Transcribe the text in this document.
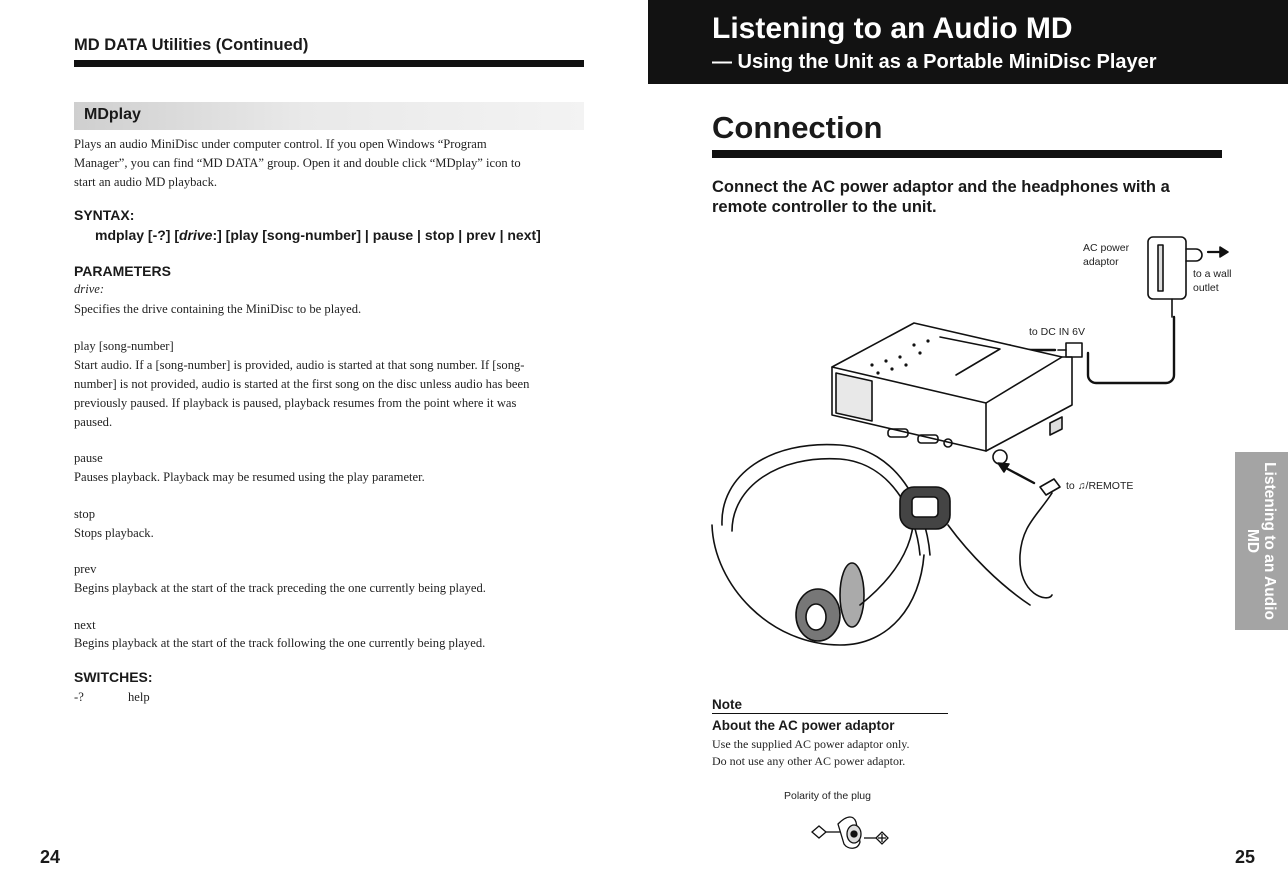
MD DATA Utilities (Continued)
MDplay
Plays an audio MiniDisc under computer control. If you open Windows “Program
Manager”, you can find “MD DATA” group. Open it and double click “MDplay” icon to
start an audio MD playback.
SYNTAX:
mdplay [-?] [drive:] [play [song-number] | pause | stop | prev | next]
PARAMETERS
drive:
Specifies the drive containing the MiniDisc to be played.
play [song-number]
Start audio. If a [song-number] is provided, audio is started at that song number. If [song-
number] is not provided, audio is started at the first song on the disc unless audio has been
previously paused. If playback is paused, playback resumes from the point where it was
paused.
pause
Pauses playback. Playback may be resumed using the play parameter.
stop
Stops playback.
prev
Begins playback at the start of the track preceding the one currently being played.
next
Begins playback at the start of the track following the one currently being played.
SWITCHES:
-?	help
24
Listening to an Audio MD
— Using the Unit as a Portable MiniDisc Player
Connection
Connect the AC power adaptor and the headphones with a remote controller to the unit.
Listening to an Audio MD
AC power
adaptor
to a wall
outlet
to DC IN 6V
to ♫/REMOTE
Note
About the AC power adaptor
Use the supplied AC power adaptor only.
Do not use any other AC power adaptor.
Polarity of the plug
25
